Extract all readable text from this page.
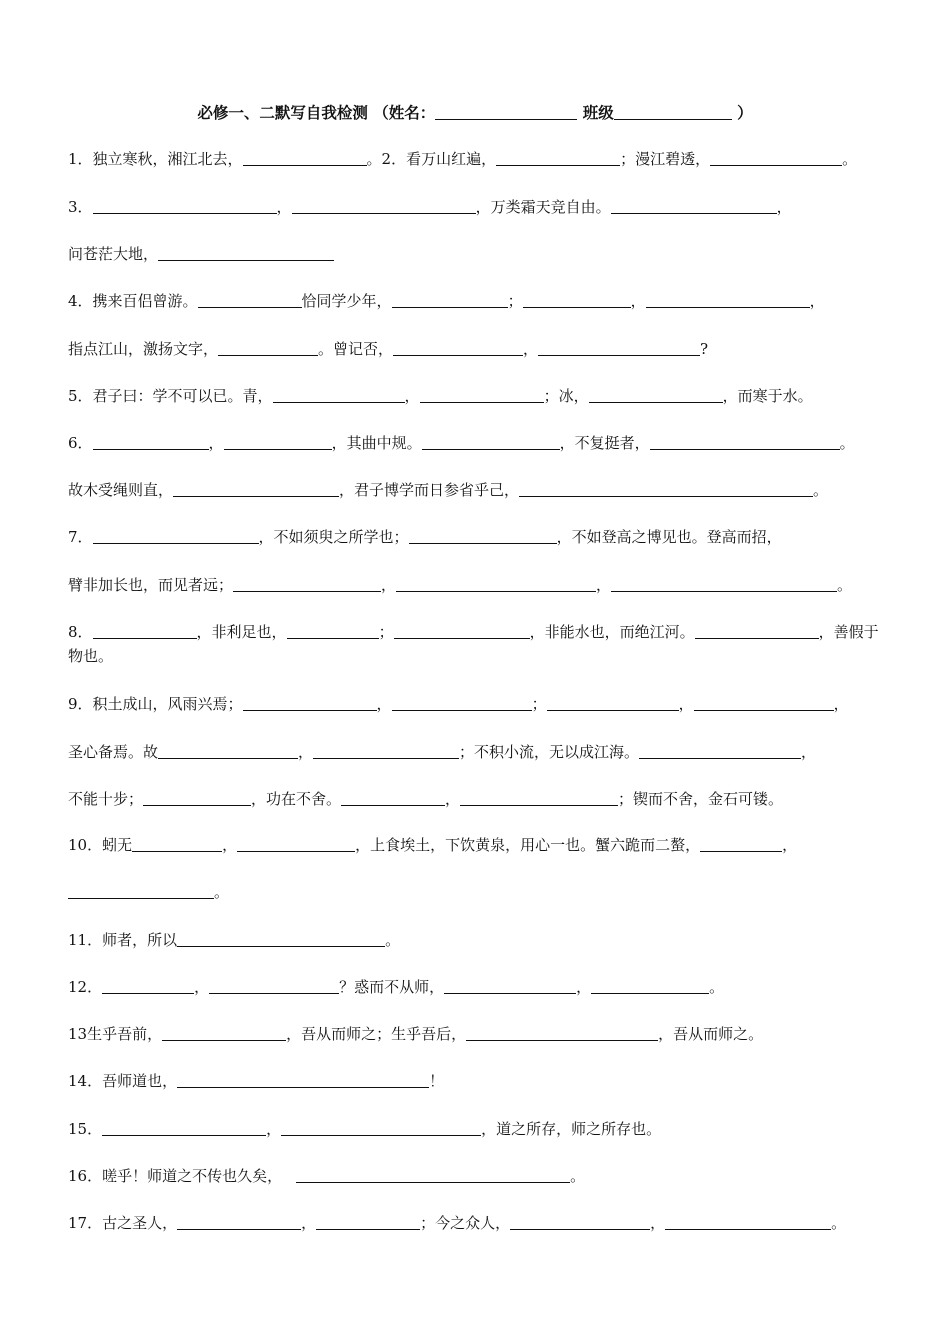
必修一、二默写自我检测 （姓名：	班级	）
1．独立寒秋，湘江北去，	。2．看万山红遍，	；漫江碧透，	。
3．	，	，万类霜天竞自由。	，
问苍茫大地，
4．携来百侣曾游。	恰同学少年，	；	，	，
指点江山，激扬文字，	。曾记否，	，	?
5．君子曰：学不可以已。青，	，	；冰，	，而寒于水。
6．	，	，其曲中规。	，不复挺者，	。
故木受绳则直，	，君子博学而日参省乎己，	。
7．	，不如须臾之所学也；	，不如登高之博见也。登高而招，
臂非加长也，而见者远；	，	，	。
8．	，非利足也，	；	，非能水也，而绝江河。	，善假于物也。
9．积土成山，风雨兴焉；	，	；	，	，
圣心备焉。故	，	；不积小流，无以成江海。	，
不能十步；	，功在不舍。	，	；锲而不舍，金石可镂。
10．蚓无	，	，上食埃土，下饮黄泉，用心一也。蟹六跪而二螯，	，
。
11．师者，所以	。
12．	，	？惑而不从师，	，	。
13生乎吾前，	，吾从而师之；生乎吾后，	，吾从而师之。
14．吾师道也，	！
15．	，	，道之所存，师之所存也。
16．嗟乎！师道之不传也久矣，	。
17．古之圣人，	，	；今之众人，	，	。
